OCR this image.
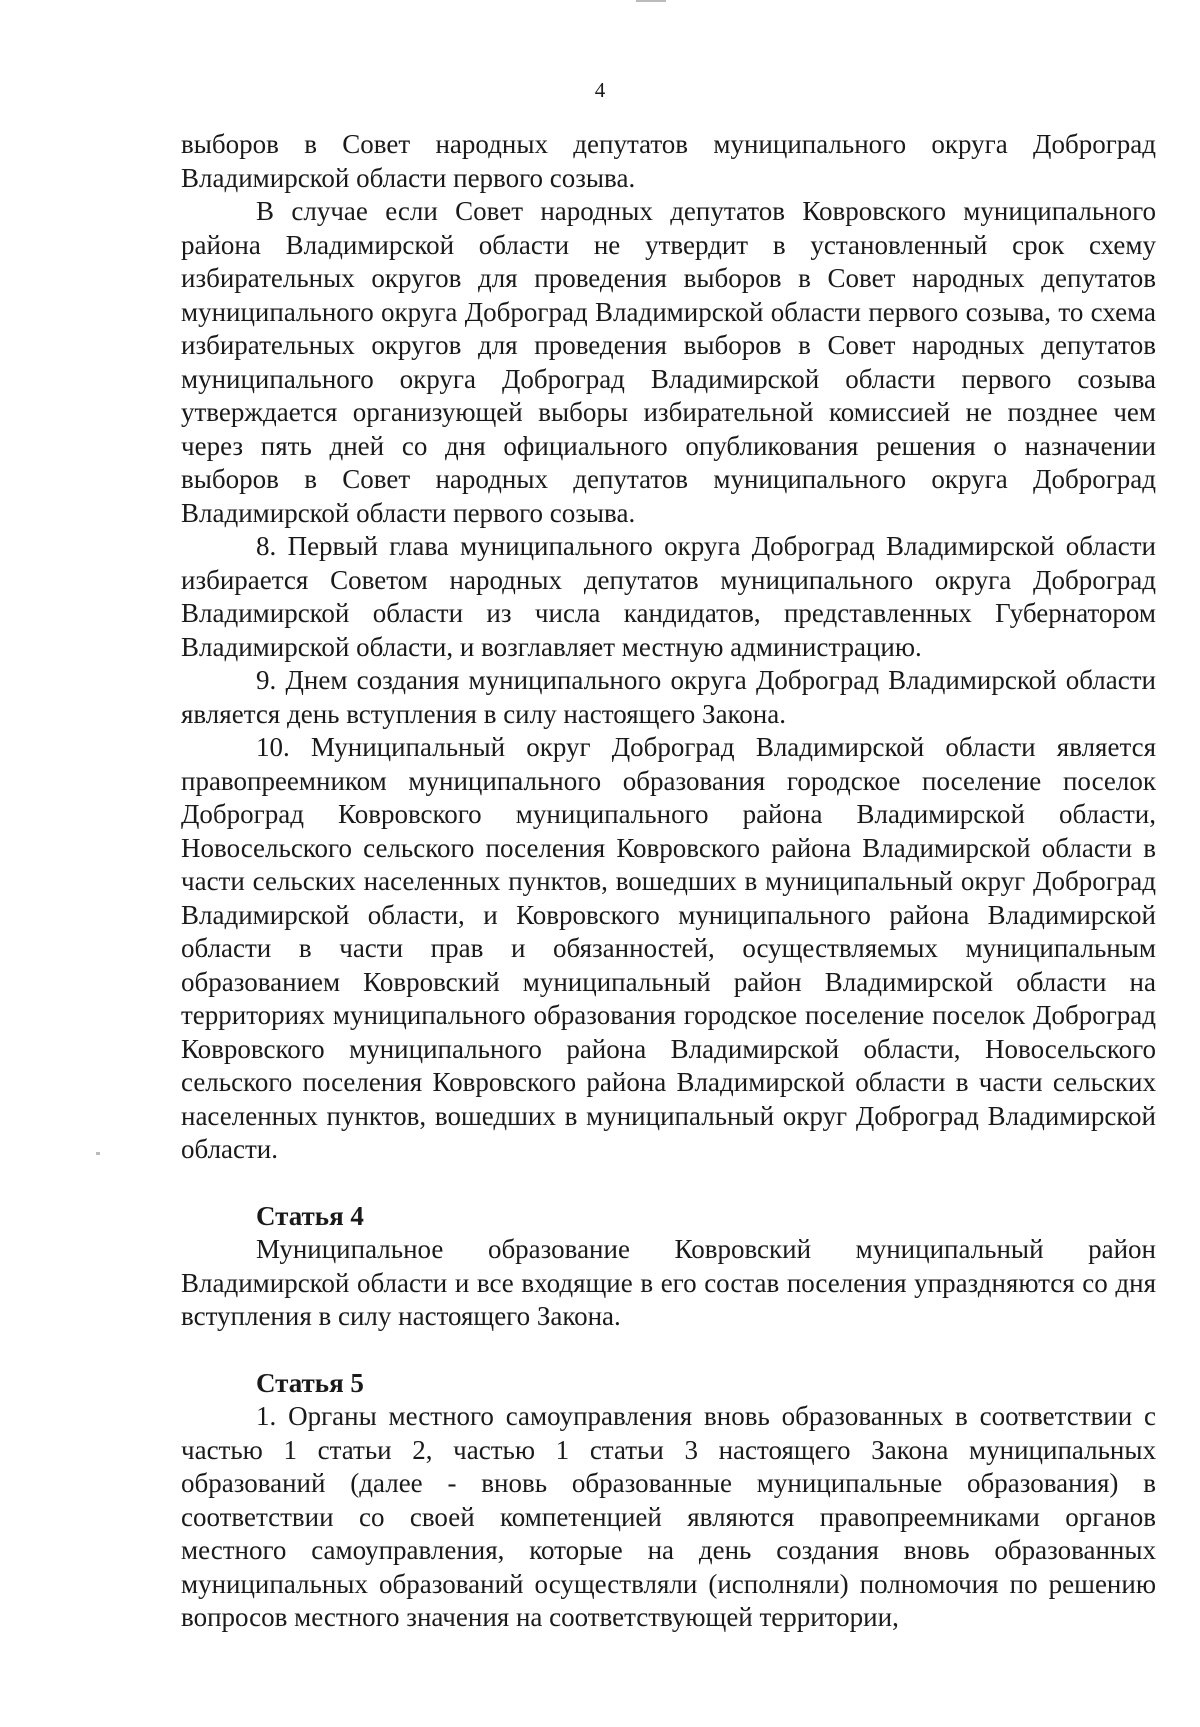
4

выборов в Совет народных депутатов муниципального округа Доброград Владимирской области первого созыва.

В случае если Совет народных депутатов Ковровского муниципального района Владимирской области не утвердит в установленный срок схему избирательных округов для проведения выборов в Совет народных депутатов муниципального округа Доброград Владимирской области первого созыва, то схема избирательных округов для проведения выборов в Совет народных депутатов муниципального округа Доброград Владимирской области первого созыва утверждается организующей выборы избирательной комиссией не позднее чем через пять дней со дня официального опубликования решения о назначении выборов в Совет народных депутатов муниципального округа Доброград Владимирской области первого созыва.

8. Первый глава муниципального округа Доброград Владимирской области избирается Советом народных депутатов муниципального округа Доброград Владимирской области из числа кандидатов, представленных Губернатором Владимирской области, и возглавляет местную администрацию.

9. Днем создания муниципального округа Доброград Владимирской области является день вступления в силу настоящего Закона.

10. Муниципальный округ Доброград Владимирской области является правопреемником муниципального образования городское поселение поселок Доброград Ковровского муниципального района Владимирской области, Новосельского сельского поселения Ковровского района Владимирской области в части сельских населенных пунктов, вошедших в муниципальный округ Доброград Владимирской области, и Ковровского муниципального района Владимирской области в части прав и обязанностей, осуществляемых муниципальным образованием Ковровский муниципальный район Владимирской области на территориях муниципального образования городское поселение поселок Доброград Ковровского муниципального района Владимирской области, Новосельского сельского поселения Ковровского района Владимирской области в части сельских населенных пунктов, вошедших в муниципальный округ Доброград Владимирской области.

Статья 4

Муниципальное образование Ковровский муниципальный район Владимирской области и все входящие в его состав поселения упраздняются со дня вступления в силу настоящего Закона.

Статья 5

1. Органы местного самоуправления вновь образованных в соответствии с частью 1 статьи 2, частью 1 статьи 3 настоящего Закона муниципальных образований (далее - вновь образованные муниципальные образования) в соответствии со своей компетенцией являются правопреемниками органов местного самоуправления, которые на день создания вновь образованных муниципальных образований осуществляли (исполняли) полномочия по решению вопросов местного значения на соответствующей территории,
